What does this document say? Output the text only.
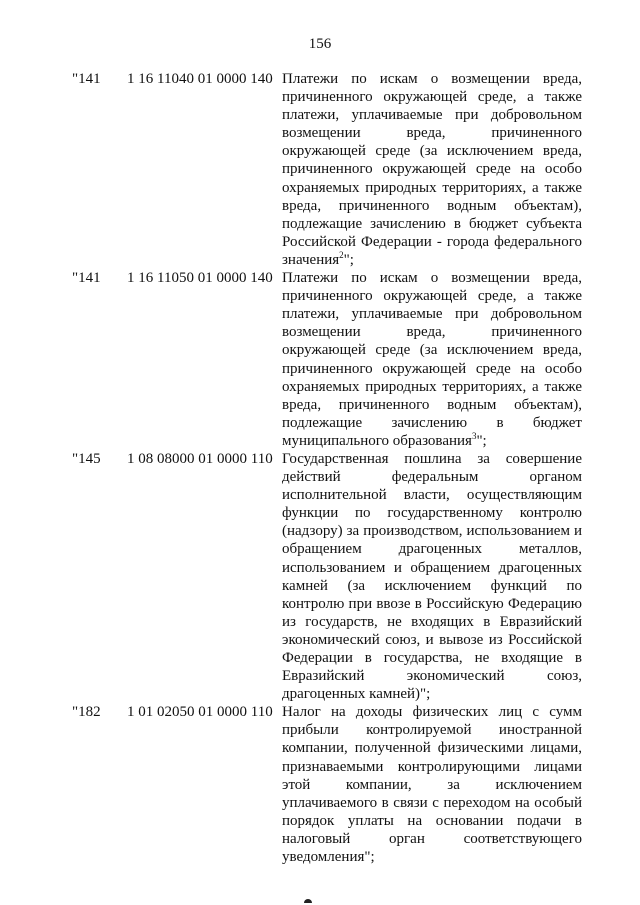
156
"141 1 16 11040 01 0000 140 Платежи по искам о возмещении вреда,
причиненного окружающей среде, а также
платежи, уплачиваемые при добровольном
возмещении вреда, причиненного
окружающей среде (за исключением вреда,
причиненного окружающей среде на особо
охраняемых природных территориях, а также
вреда, причиненного водным объектам),
подлежащие зачислению в бюджет субъекта
Российской Федерации - города федерального
значения$^2$";
"141 1 16 11050 01 0000 140 Платежи по искам о возмещении вреда,
причиненного окружающей среде, а также
платежи, уплачиваемые при добровольном
возмещении вреда, причиненного
окружающей среде (за исключением вреда,
причиненного окружающей среде на особо
охраняемых природных территориях, а также
вреда, причиненного водным объектам),
подлежащие зачислению в бюджет
муниципального образования$^3$";
"145 1 08 08000 01 0000 110 Государственная пошлина за совершение
действий федеральным органом
исполнительной власти, осуществляющим
функции по государственному контролю
(надзору) за производством, использованием и
обращением драгоценных металлов,
использованием и обращением драгоценных
камней (за исключением функций по
контролю при ввозе в Российскую Федерацию
из государств, не входящих в Евразийский
экономический союз, и вывозе из Российской
Федерации в государства, не входящие в
Евразийский экономический союз,
драгоценных камней)";
"182 1 01 02050 01 0000 110 Налог на доходы физических лиц с сумм
прибыли контролируемой иностранной
компании, полученной физическими лицами,
признаваемыми контролирующими лицами
этой компании, за исключением
уплачиваемого в связи с переходом на особый
порядок уплаты на основании подачи в
налоговый орган соответствующего
уведомления";
